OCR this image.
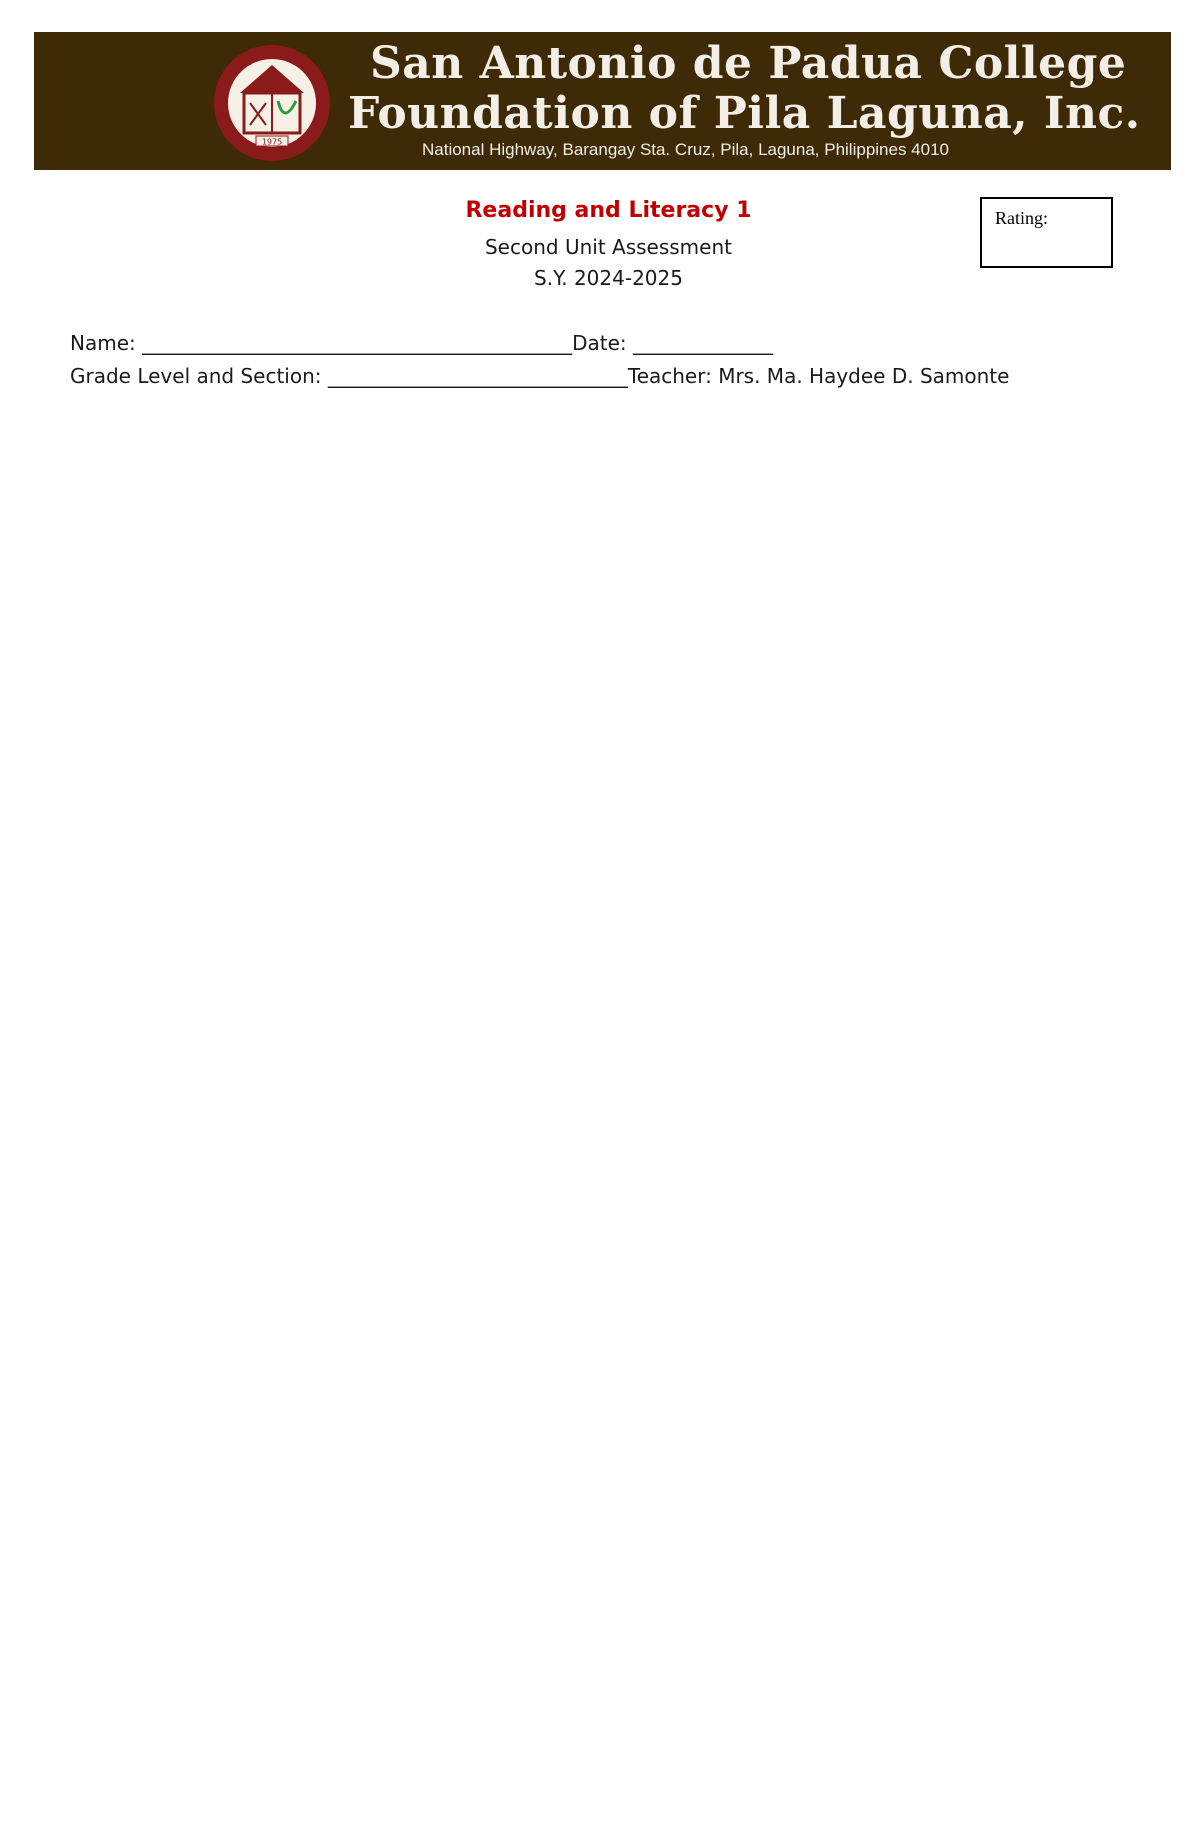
1975
San Antonio de Padua College
Foundation of Pila Laguna, Inc.
National Highway, Barangay Sta. Cruz, Pila, Laguna, Philippines 4010
Reading and Literacy 1
Second Unit Assessment
S.Y. 2024-2025
Rating:
Name: ___________________________________________Date: ______________
Grade Level and Section: ______________________________Teacher: Mrs. Ma. Haydee D. Samonte
